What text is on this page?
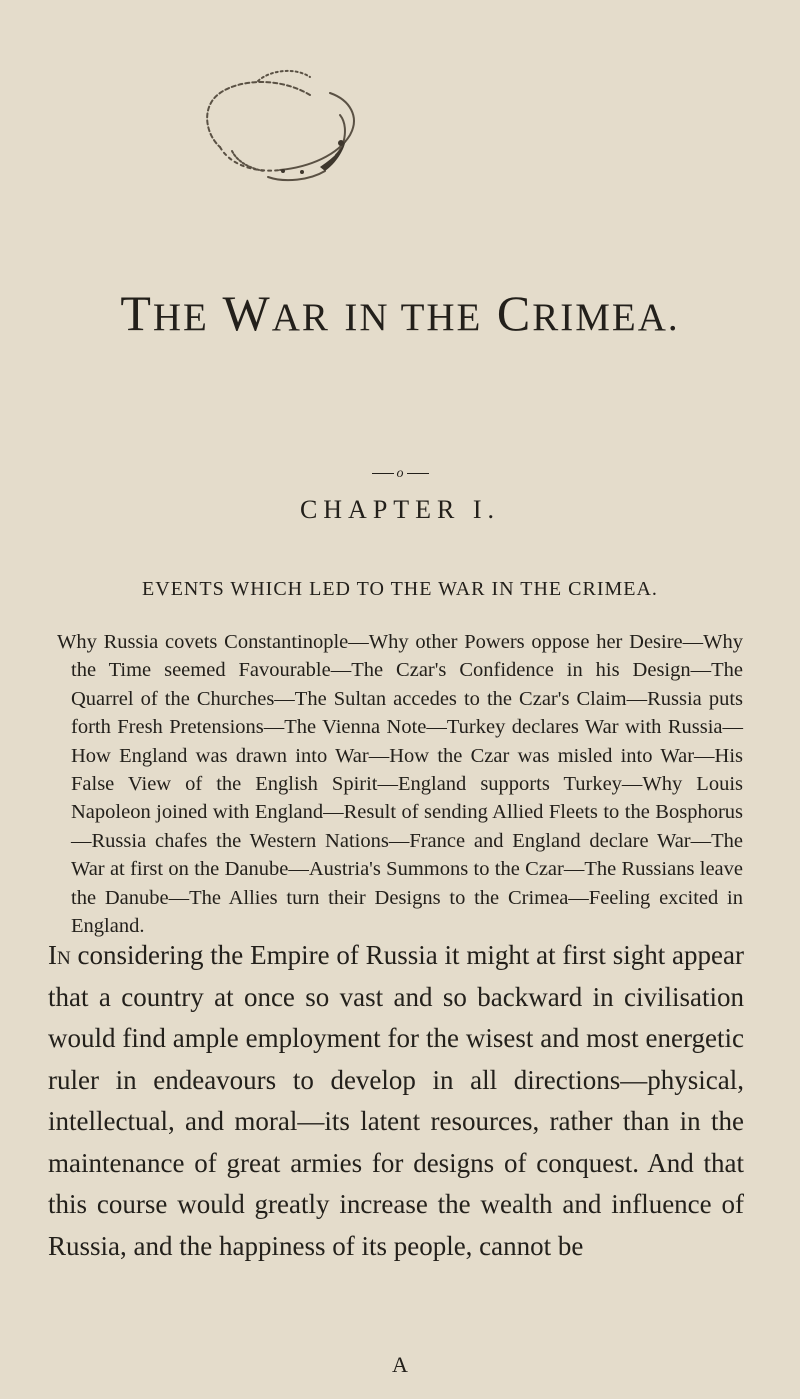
THE WAR IN THE CRIMEA.
o
CHAPTER I.
EVENTS WHICH LED TO THE WAR IN THE CRIMEA.

Why Russia covets Constantinople—Why other Powers oppose her Desire—Why the Time seemed Favourable—The Czar's Confidence in his Design—The Quarrel of the Churches—The Sultan accedes to the Czar's Claim—Russia puts forth Fresh Pretensions—The Vienna Note—Turkey declares War with Russia—How England was drawn into War—How the Czar was misled into War—His False View of the English Spirit—England supports Turkey—Why Louis Napoleon joined with England—Result of sending Allied Fleets to the Bosphorus—Russia chafes the Western Nations—France and England declare War—The War at first on the Danube—Austria's Summons to the Czar—The Russians leave the Danube—The Allies turn their Designs to the Crimea—Feeling excited in England.

In considering the Empire of Russia it might at first sight appear that a country at once so vast and so backward in civilisation would find ample employment for the wisest and most energetic ruler in endeavours to develop in all directions—physical, intellectual, and moral—its latent resources, rather than in the maintenance of great armies for designs of conquest. And that this course would greatly increase the wealth and influence of Russia, and the happiness of its people, cannot be

A
